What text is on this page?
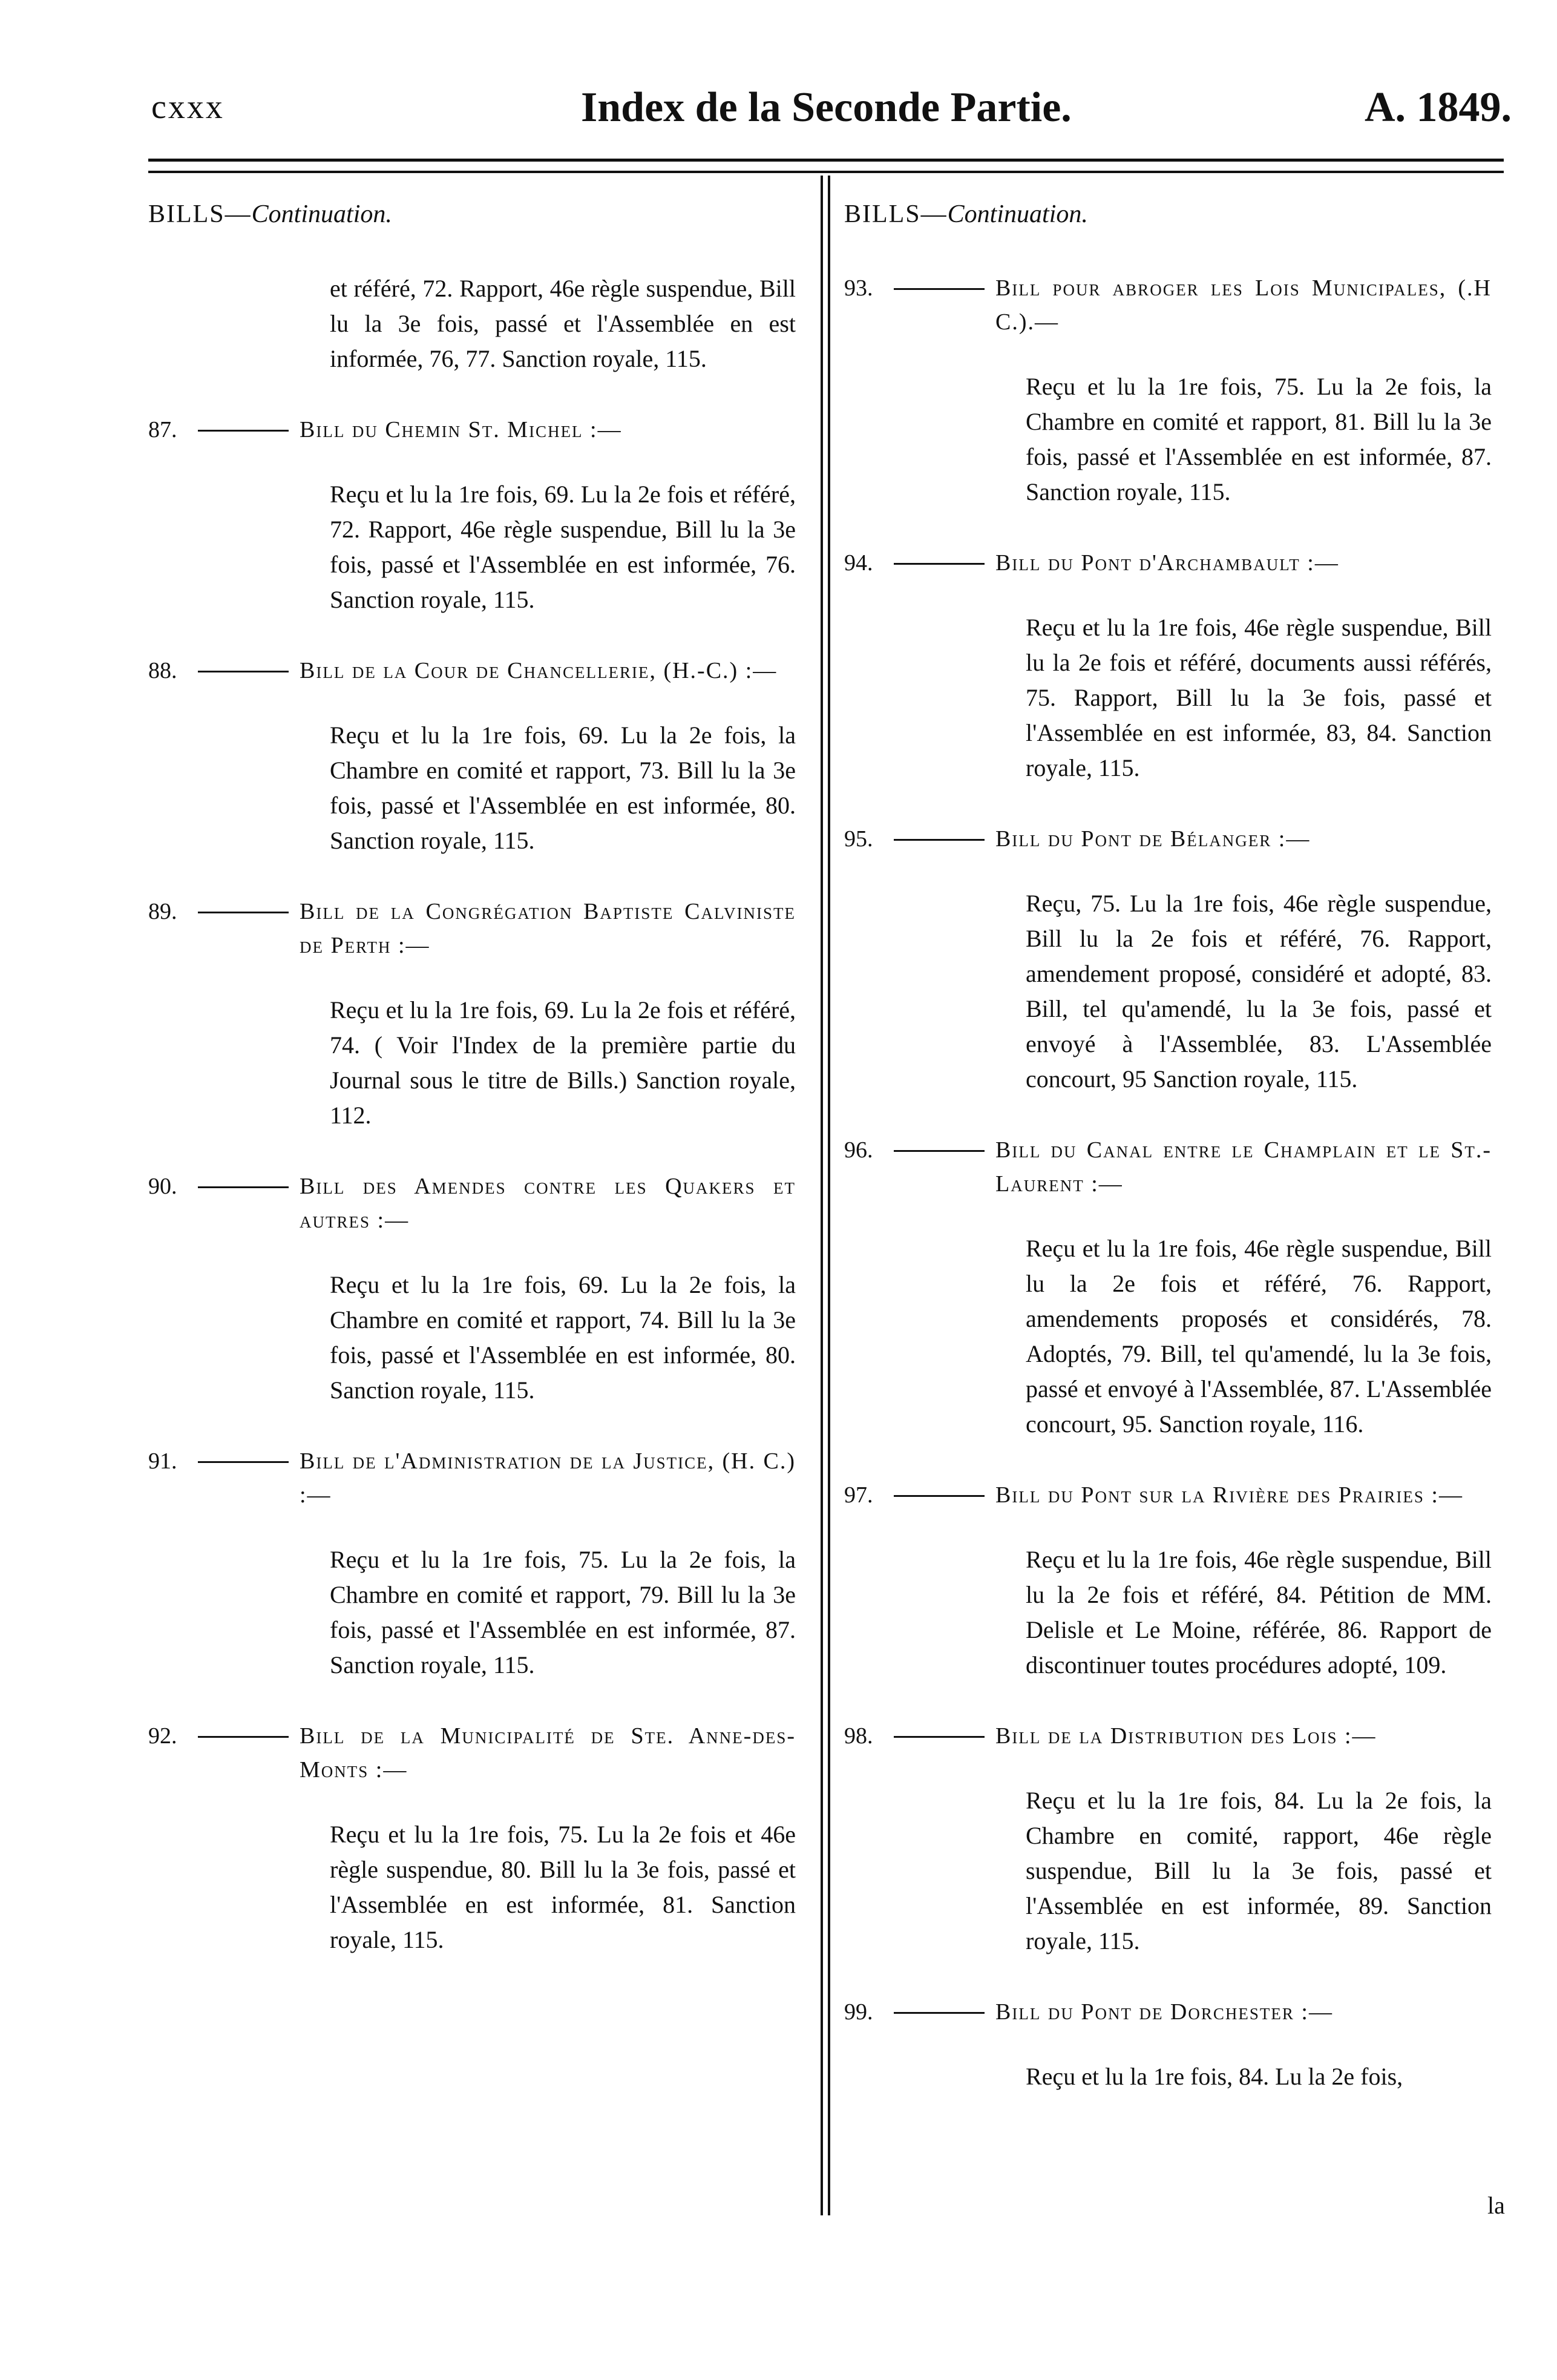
cxxx	Index de la Seconde Partie.	A. 1849.
BILLS—Continuation.
et référé, 72. Rapport, 46e règle suspendue, Bill lu la 3e fois, passé et l'Assemblée en est informée, 76, 77. Sanction royale, 115.
87.	Bill du Chemin St. Michel :—
Reçu et lu la 1re fois, 69. Lu la 2e fois et référé, 72. Rapport, 46e règle suspendue, Bill lu la 3e fois, passé et l'Assemblée en est informée, 76. Sanction royale, 115.
88.	Bill de la Cour de Chancellerie, (H.-C.) :—
Reçu et lu la 1re fois, 69. Lu la 2e fois, la Chambre en comité et rapport, 73. Bill lu la 3e fois, passé et l'Assemblée en est informée, 80. Sanction royale, 115.
89.	Bill de la Congrégation Baptiste Calviniste de Perth :—
Reçu et lu la 1re fois, 69. Lu la 2e fois et référé, 74. ( Voir l'Index de la première partie du Journal sous le titre de Bills.) Sanction royale, 112.
90.	Bill des Amendes contre les Quakers et autres :—
Reçu et lu la 1re fois, 69. Lu la 2e fois, la Chambre en comité et rapport, 74. Bill lu la 3e fois, passé et l'Assemblée en est informée, 80. Sanction royale, 115.
91.	Bill de l'Administration de la Justice, (H. C.) :—
Reçu et lu la 1re fois, 75. Lu la 2e fois, la Chambre en comité et rapport, 79. Bill lu la 3e fois, passé et l'Assemblée en est informée, 87. Sanction royale, 115.
92.	Bill de la Municipalité de Ste. Anne-des-Monts :—
Reçu et lu la 1re fois, 75. Lu la 2e fois et 46e règle suspendue, 80. Bill lu la 3e fois, passé et l'Assemblée en est informée, 81. Sanction royale, 115.
BILLS—Continuation.
93.	Bill pour abroger les Lois Municipales, (.H C.).—
Reçu et lu la 1re fois, 75. Lu la 2e fois, la Chambre en comité et rapport, 81. Bill lu la 3e fois, passé et l'Assemblée en est informée, 87. Sanction royale, 115.
94.	Bill du Pont d'Archambault :—
Reçu et lu la 1re fois, 46e règle suspendue, Bill lu la 2e fois et référé, documents aussi référés, 75. Rapport, Bill lu la 3e fois, passé et l'Assemblée en est informée, 83, 84. Sanction royale, 115.
95.	Bill du Pont de Bélanger :—
Reçu, 75. Lu la 1re fois, 46e règle suspendue, Bill lu la 2e fois et référé, 76. Rapport, amendement proposé, considéré et adopté, 83. Bill, tel qu'amendé, lu la 3e fois, passé et envoyé à l'Assemblée, 83. L'Assemblée concourt, 95 Sanction royale, 115.
96.	Bill du Canal entre le Champlain et le St.-Laurent :—
Reçu et lu la 1re fois, 46e règle suspendue, Bill lu la 2e fois et référé, 76. Rapport, amendements proposés et considérés, 78. Adoptés, 79. Bill, tel qu'amendé, lu la 3e fois, passé et envoyé à l'Assemblée, 87. L'Assemblée concourt, 95. Sanction royale, 116.
97.	Bill du Pont sur la Rivière des Prairies :—
Reçu et lu la 1re fois, 46e règle suspendue, Bill lu la 2e fois et référé, 84. Pétition de MM. Delisle et Le Moine, référée, 86. Rapport de discontinuer toutes procédures adopté, 109.
98.	Bill de la Distribution des Lois :—
Reçu et lu la 1re fois, 84. Lu la 2e fois, la Chambre en comité, rapport, 46e règle suspendue, Bill lu la 3e fois, passé et l'Assemblée en est informée, 89. Sanction royale, 115.
99.	Bill du Pont de Dorchester :—
Reçu et lu la 1re fois, 84. Lu la 2e fois,
la
